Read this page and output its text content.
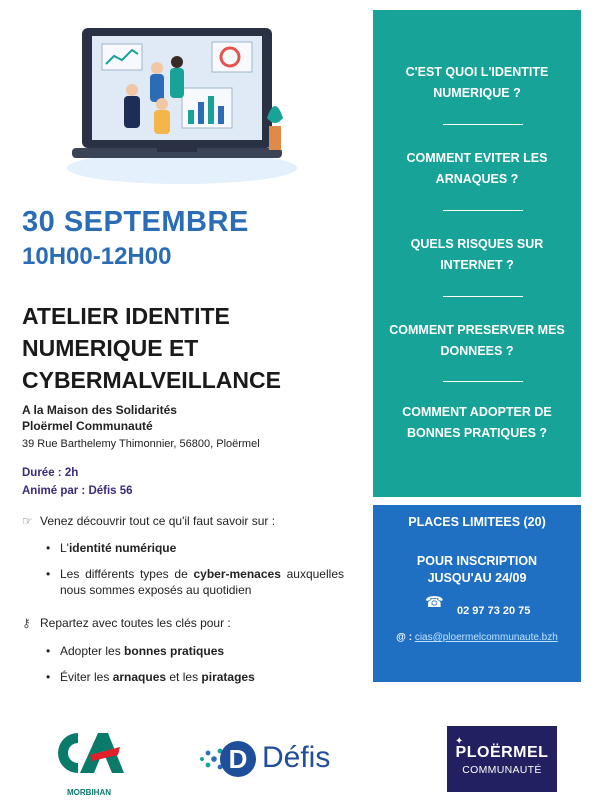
30 SEPTEMBRE
10H00-12H00
ATELIER IDENTITE NUMERIQUE ET CYBERMALVEILLANCE
A la Maison des Solidarités
Ploërmel Communauté
39 Rue Barthelemy Thimonnier, 56800, Ploërmel
Durée : 2h
Animé par : Défis 56
☞ Venez découvrir tout ce qu'il faut savoir sur :
• L'identité numérique
• Les différents types de cyber-menaces auxquelles nous sommes exposés au quotidien
⚷ Repartez avec toutes les clés pour :
• Adopter les bonnes pratiques
• Éviter les arnaques et les piratages
C'EST QUOI L'IDENTITE NUMERIQUE ?
COMMENT EVITER LES ARNAQUES ?
QUELS RISQUES SUR INTERNET ?
COMMENT PRESERVER MES DONNEES ?
COMMENT ADOPTER DE BONNES PRATIQUES ?
PLACES LIMITEES (20)
POUR INSCRIPTION
JUSQU'AU 24/09
☎ 02 97 73 20 75
@ : cias@ploermelcommunaute.bzh
MORBIHAN
D Défis	✦
PLOËRMEL
COMMUNAUTÉ
